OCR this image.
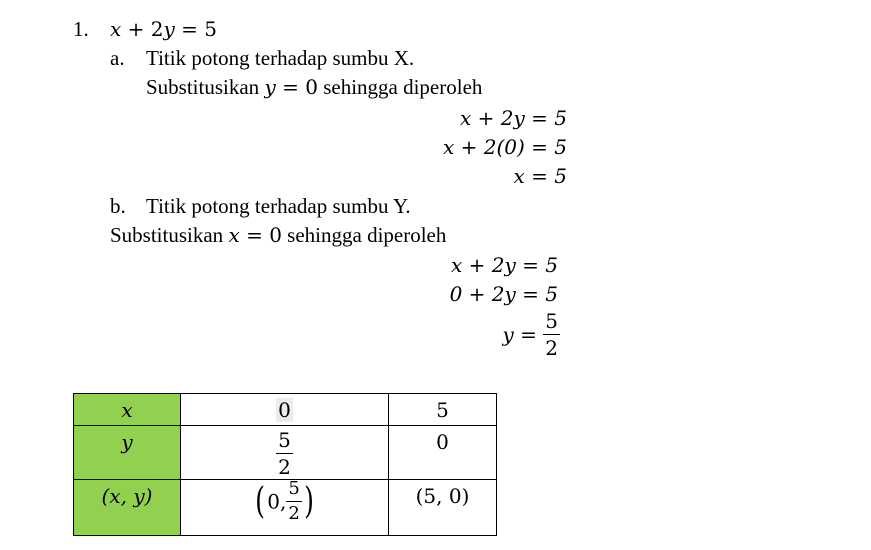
1. x + 2y = 5
a. Titik potong terhadap sumbu X.
Substitusikan y = 0 sehingga diperoleh
x + 2y = 5
x + 2(0) = 5
x = 5
b. Titik potong terhadap sumbu Y.
Substitusikan x = 0 sehingga diperoleh
x + 2y = 5
0 + 2y = 5
$y = \frac{5}{2}$
x	0	5
y	$\frac{5}{2}$	0
(x, y)	( 0, $\frac{5}{2}$ )	(5, 0)
